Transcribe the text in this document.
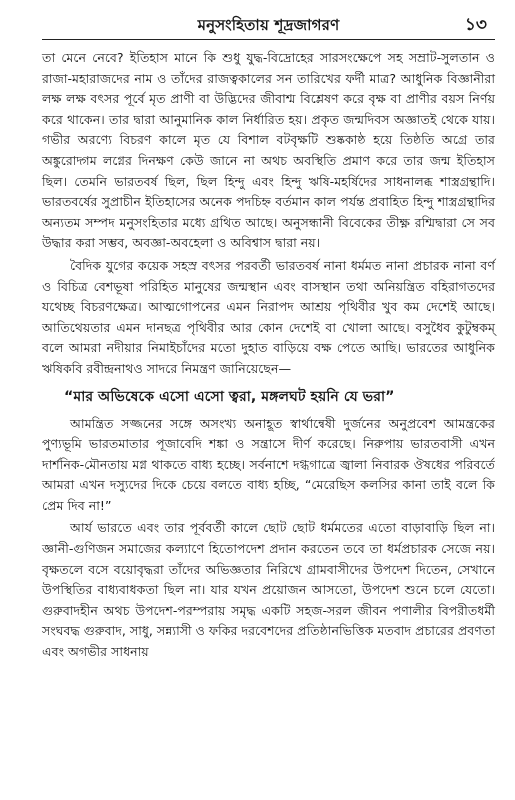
মনুসংহিতায় শূদ্রজাগরণ	১৩

তা মেনে নেবে? ইতিহাস মানে কি শুধু যুদ্ধ-বিদ্রোহের সারসংক্ষেপে সহ সম্রাট-সুলতান ও রাজা-মহারাজদের নাম ও তাঁদের রাজত্বকালের সন তারিখের ফর্দী মাত্র? আধুনিক বিজ্ঞানীরা লক্ষ লক্ষ বৎসর পূর্বে মৃত প্রাণী বা উদ্ভিদের জীবাশ্ম বিশ্লেষণ করে বৃক্ষ বা প্রাণীর বয়স নির্ণয় করে থাকেন। তার দ্বারা আনুমানিক কাল নির্ধারিত হয়। প্রকৃত জন্মদিবস অজ্ঞাতই থেকে যায়। গভীর অরণ্যে বিচরণ কালে মৃত যে বিশাল বটবৃক্ষটি শুষ্ককাষ্ঠ হয়ে তিষ্ঠতি অগ্রে তার অঙ্কুরোদ্গম লগ্নের দিনক্ষণ কেউ জানে না অথচ অবস্থিতি প্রমাণ করে তার জন্ম ইতিহাস ছিল। তেমনি ভারতবর্ষ ছিল, ছিল হিন্দু এবং হিন্দু ঋষি-মহর্ষিদের সাধনালব্ধ শাস্ত্রগ্রন্থাদি। ভারতবর্ষের সুপ্রাচীন ইতিহাসের অনেক পদচিহ্ন বর্তমান কাল পর্যন্ত প্রবাহিত হিন্দু শাস্ত্রগ্রন্থাদির অন্যতম সম্পদ মনুসংহিতার মধ্যে গ্রথিত আছে। অনুসন্ধানী বিবেকের তীক্ষ্ণ রশ্মিদ্বারা সে সব উদ্ধার করা সম্ভব, অবজ্ঞা-অবহেলা ও অবিশ্বাস দ্বারা নয়।

বৈদিক যুগের কয়েক সহস্র বৎসর পরবর্তী ভারতবর্ষ নানা ধর্মমত নানা প্রচারক নানা বর্ণ ও বিচিত্র বেশভূষা পরিহিত মানুষের জন্মস্থান এবং বাসস্থান তথা অনিয়ন্ত্রিত বহিরাগতদের যথেচ্ছ বিচরণক্ষেত্র। আত্মগোপনের এমন নিরাপদ আশ্রয় পৃথিবীর খুব কম দেশেই আছে। আতিথেয়তার এমন দানছত্র পৃথিবীর আর কোন দেশেই বা খোলা আছে। বসুধৈব কুটুম্বকম্ বলে আমরা নদীয়ার নিমাইচাঁদের মতো দুহাত বাড়িয়ে বক্ষ পেতে আছি। ভারতের আধুনিক ঋষিকবি রবীন্দ্রনাথও সাদরে নিমন্ত্রণ জানিয়েছেন—

“মার অভিষেকে এসো এসো ত্বরা, মঙ্গলঘট হয়নি যে ভরা”

আমন্ত্রিত সজ্জনের সঙ্গে অসংখ্য অনাহূত স্বার্থান্বেষী দুর্জনের অনুপ্রবেশ আমন্ত্রকের পুণ্যভূমি ভারতমাতার পূজাবেদি শঙ্কা ও সন্ত্রাসে দীর্ণ করেছে। নিরুপায় ভারতবাসী এখন দার্শনিক-মৌনতায় মগ্ন থাকতে বাধ্য হচ্ছে। সর্বনাশে দগ্ধগাত্রে জ্বালা নিবারক ঔষধের পরিবর্তে আমরা এখন দস্যুদের দিকে চেয়ে বলতে বাধ্য হচ্ছি, “মেরেছিস কলসির কানা তাই বলে কি প্রেম দিব না!”

আর্য ভারতে এবং তার পূর্ববর্তী কালে ছোট ছোট ধর্মমতের এতো বাড়াবাড়ি ছিল না। জ্ঞানী-গুণিজন সমাজের কল্যাণে হিতোপদেশ প্রদান করতেন তবে তা ধর্মপ্রচারক সেজে নয়। বৃক্ষতলে বসে বয়োবৃদ্ধরা তাঁদের অভিজ্ঞতার নিরিখে গ্রামবাসীদের উপদেশ দিতেন, সেখানে উপস্থিতির বাধ্যবাধকতা ছিল না। যার যখন প্রয়োজন আসতো, উপদেশ শুনে চলে যেতো। গুরুবাদহীন অথচ উপদেশ-পরম্পরায় সমৃদ্ধ একটি সহজ-সরল জীবন পণালীর বিপরীতধর্মী সংঘবদ্ধ গুরুবাদ, সাধু, সন্ন্যাসী ও ফকির দরবেশদের প্রতিষ্ঠানভিত্তিক মতবাদ প্রচারের প্রবণতা এবং অগভীর সাধনায়
